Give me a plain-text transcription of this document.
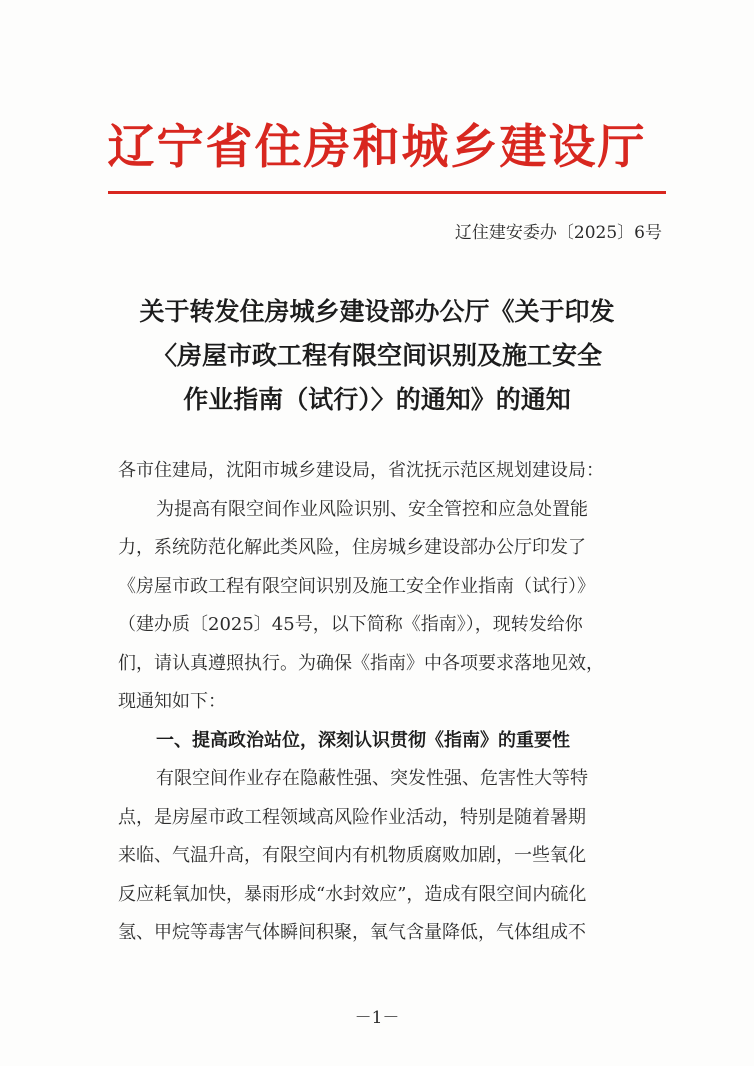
辽宁省住房和城乡建设厅
辽住建安委办〔2025〕6号
关于转发住房城乡建设部办公厅《关于印发
〈房屋市政工程有限空间识别及施工安全
作业指南（试行）〉的通知》的通知
各市住建局，沈阳市城乡建设局，省沈抚示范区规划建设局：
为提高有限空间作业风险识别、安全管控和应急处置能
力，系统防范化解此类风险，住房城乡建设部办公厅印发了
《房屋市政工程有限空间识别及施工安全作业指南（试行）》
（建办质〔2025〕45号，以下简称《指南》），现转发给你
们，请认真遵照执行。为确保《指南》中各项要求落地见效，
现通知如下：
一、提高政治站位，深刻认识贯彻《指南》的重要性
有限空间作业存在隐蔽性强、突发性强、危害性大等特
点，是房屋市政工程领域高风险作业活动，特别是随着暑期
来临、气温升高，有限空间内有机物质腐败加剧，一些氧化
反应耗氧加快，暴雨形成“水封效应”，造成有限空间内硫化
氢、甲烷等毒害气体瞬间积聚，氧气含量降低，气体组成不
－1－
